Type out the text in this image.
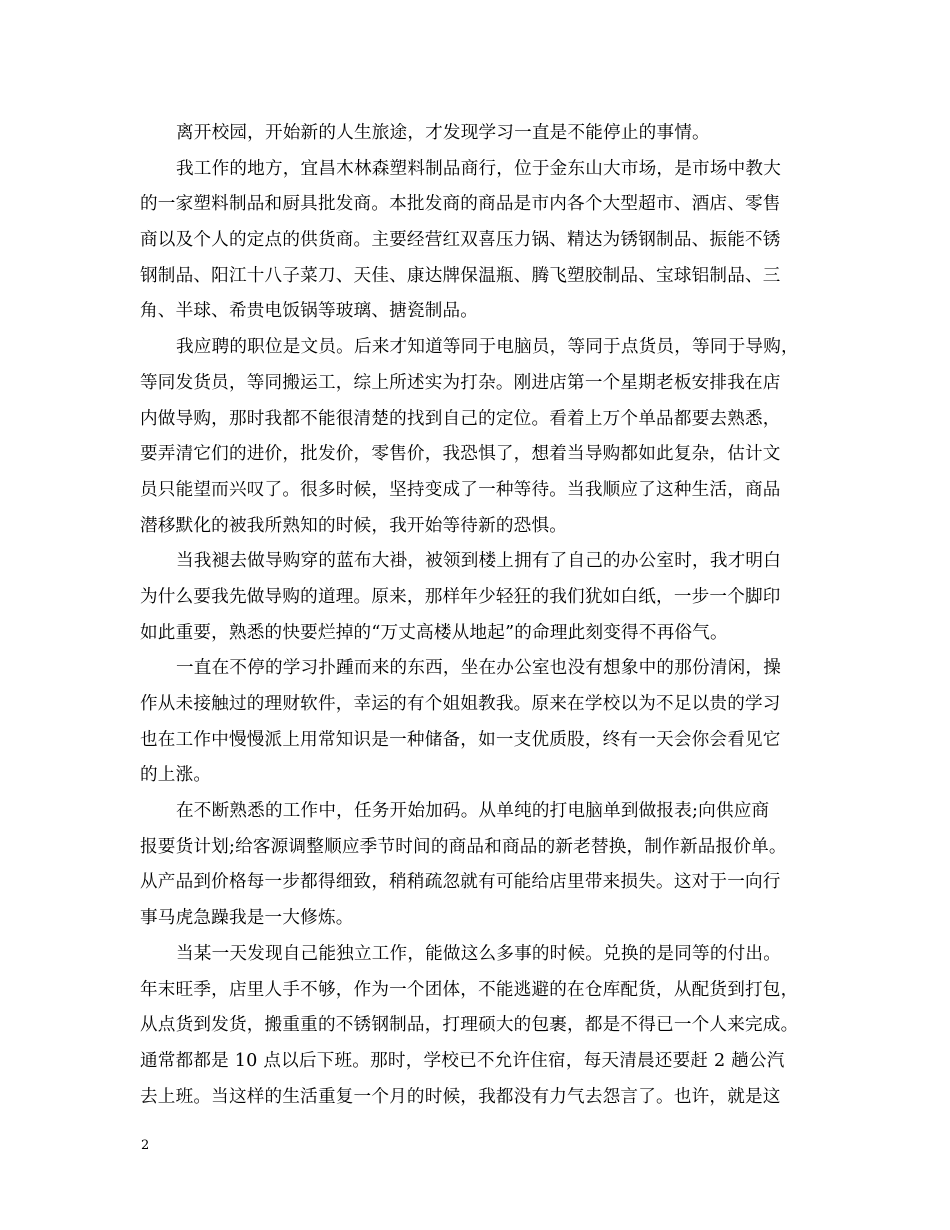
离开校园，开始新的人生旅途，才发现学习一直是不能停止的事情。
我工作的地方，宜昌木林森塑料制品商行，位于金东山大市场，是市场中教大
的一家塑料制品和厨具批发商。本批发商的商品是市内各个大型超市、酒店、零售
商以及个人的定点的供货商。主要经营红双喜压力锅、精达为锈钢制品、振能不锈
钢制品、阳江十八子菜刀、天佳、康达牌保温瓶、腾飞塑胶制品、宝球铝制品、三
角、半球、希贵电饭锅等玻璃、搪瓷制品。
我应聘的职位是文员。后来才知道等同于电脑员，等同于点货员，等同于导购，
等同发货员，等同搬运工，综上所述实为打杂。刚进店第一个星期老板安排我在店
内做导购，那时我都不能很清楚的找到自己的定位。看着上万个单品都要去熟悉，
要弄清它们的进价，批发价，零售价，我恐惧了，想着当导购都如此复杂，估计文
员只能望而兴叹了。很多时候，坚持变成了一种等待。当我顺应了这种生活，商品
潜移默化的被我所熟知的时候，我开始等待新的恐惧。
当我褪去做导购穿的蓝布大褂，被领到楼上拥有了自己的办公室时，我才明白
为什么要我先做导购的道理。原来，那样年少轻狂的我们犹如白纸，一步一个脚印
如此重要，熟悉的快要烂掉的“万丈高楼从地起”的命理此刻变得不再俗气。
一直在不停的学习扑踵而来的东西，坐在办公室也没有想象中的那份清闲，操
作从未接触过的理财软件，幸运的有个姐姐教我。原来在学校以为不足以贵的学习
也在工作中慢慢派上用常知识是一种储备，如一支优质股，终有一天会你会看见它
的上涨。
在不断熟悉的工作中，任务开始加码。从单纯的打电脑单到做报表;向供应商
报要货计划;给客源调整顺应季节时间的商品和商品的新老替换，制作新品报价单。
从产品到价格每一步都得细致，稍稍疏忽就有可能给店里带来损失。这对于一向行
事马虎急躁我是一大修炼。
当某一天发现自己能独立工作，能做这么多事的时候。兑换的是同等的付出。
年末旺季，店里人手不够，作为一个团体，不能逃避的在仓库配货，从配货到打包，
从点货到发货，搬重重的不锈钢制品，打理硕大的包裹，都是不得已一个人来完成。
通常都都是 10 点以后下班。那时，学校已不允许住宿，每天清晨还要赶 2 趟公汽
去上班。当这样的生活重复一个月的时候，我都没有力气去怨言了。也许，就是这
2
